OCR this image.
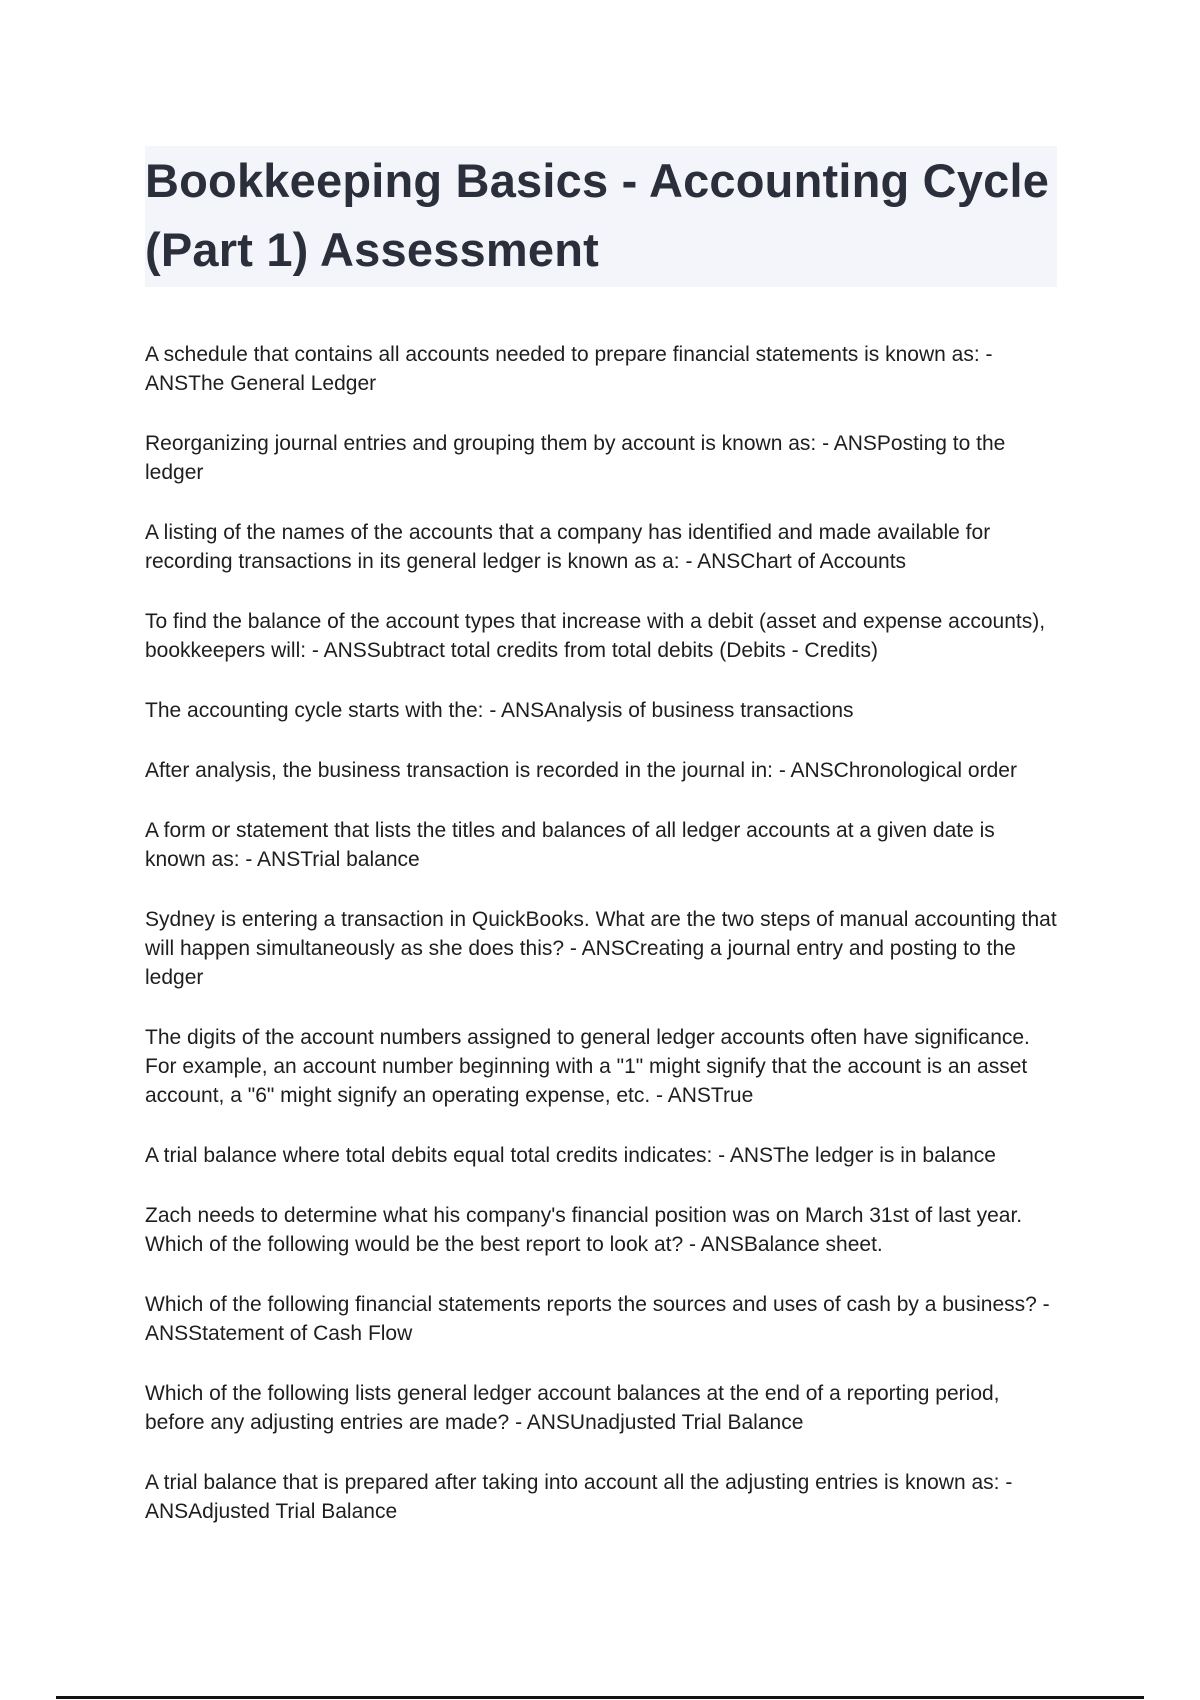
Bookkeeping Basics - Accounting Cycle (Part 1) Assessment

A schedule that contains all accounts needed to prepare financial statements is known as: - ANSThe General Ledger

Reorganizing journal entries and grouping them by account is known as: - ANSPosting to the ledger

A listing of the names of the accounts that a company has identified and made available for recording transactions in its general ledger is known as a: - ANSChart of Accounts

To find the balance of the account types that increase with a debit (asset and expense accounts), bookkeepers will: - ANSSubtract total credits from total debits (Debits - Credits)

The accounting cycle starts with the: - ANSAnalysis of business transactions

After analysis, the business transaction is recorded in the journal in: - ANSChronological order

A form or statement that lists the titles and balances of all ledger accounts at a given date is known as: - ANSTrial balance

Sydney is entering a transaction in QuickBooks. What are the two steps of manual accounting that will happen simultaneously as she does this? - ANSCreating a journal entry and posting to the ledger

The digits of the account numbers assigned to general ledger accounts often have significance. For example, an account number beginning with a "1" might signify that the account is an asset account, a "6" might signify an operating expense, etc. - ANSTrue

A trial balance where total debits equal total credits indicates: - ANSThe ledger is in balance

Zach needs to determine what his company's financial position was on March 31st of last year. Which of the following would be the best report to look at? - ANSBalance sheet.

Which of the following financial statements reports the sources and uses of cash by a business? - ANSStatement of Cash Flow

Which of the following lists general ledger account balances at the end of a reporting period, before any adjusting entries are made? - ANSUnadjusted Trial Balance

A trial balance that is prepared after taking into account all the adjusting entries is known as: - ANSAdjusted Trial Balance
